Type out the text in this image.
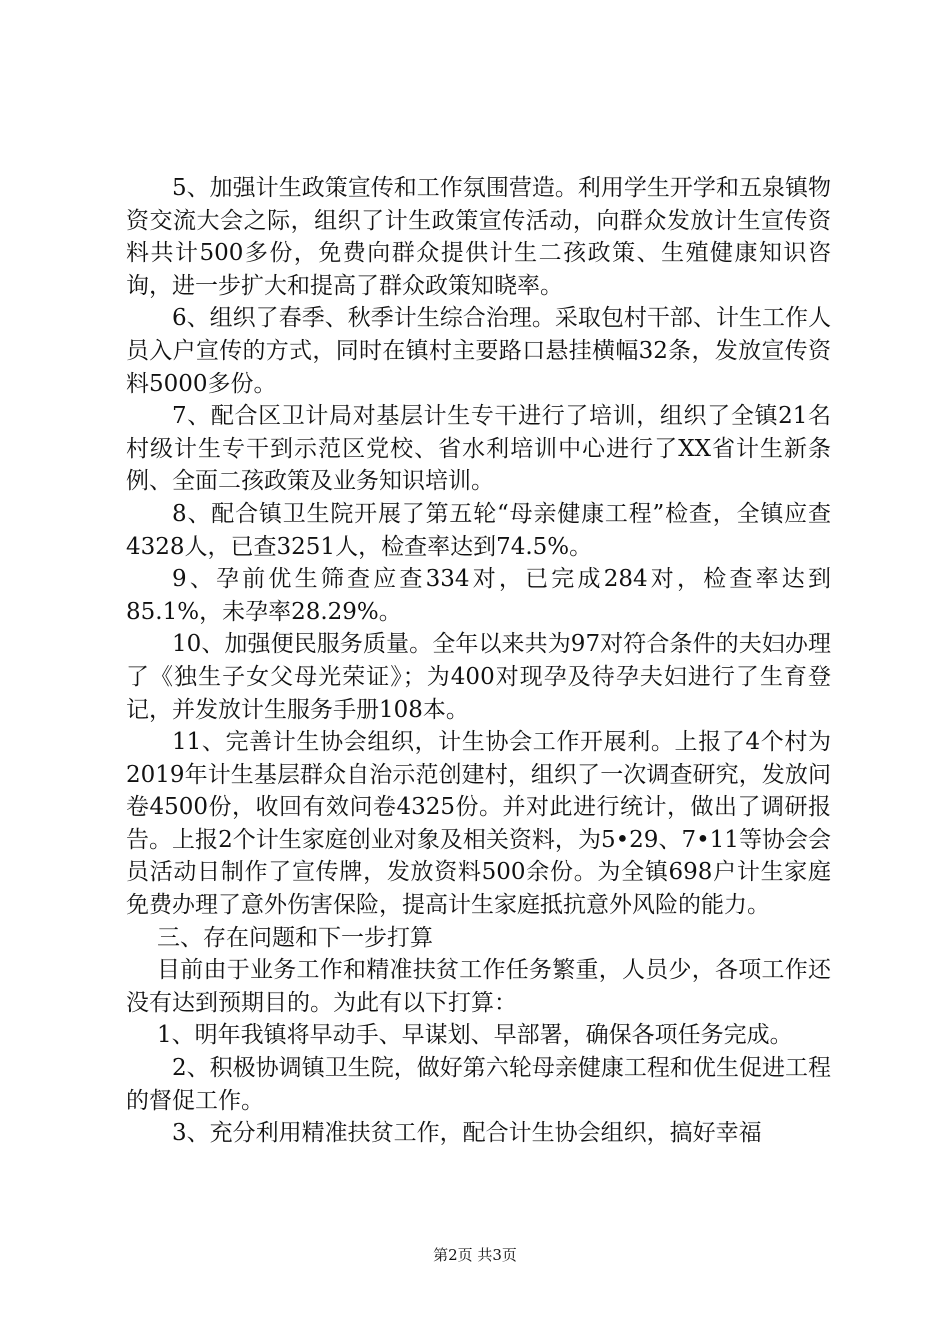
5、加强计生政策宣传和工作氛围营造。利用学生开学和五泉镇物资交流大会之际，组织了计生政策宣传活动，向群众发放计生宣传资料共计500多份，免费向群众提供计生二孩政策、生殖健康知识咨询，进一步扩大和提高了群众政策知晓率。

6、组织了春季、秋季计生综合治理。采取包村干部、计生工作人员入户宣传的方式，同时在镇村主要路口悬挂横幅32条，发放宣传资料5000多份。

7、配合区卫计局对基层计生专干进行了培训，组织了全镇21名村级计生专干到示范区党校、省水利培训中心进行了XX省计生新条例、全面二孩政策及业务知识培训。

8、配合镇卫生院开展了第五轮“母亲健康工程”检查，全镇应查4328人，已查3251人，检查率达到74.5%。

9、孕前优生筛查应查334对，已完成284对，检查率达到85.1%，未孕率28.29%。

10、加强便民服务质量。全年以来共为97对符合条件的夫妇办理了《独生子女父母光荣证》；为400对现孕及待孕夫妇进行了生育登记，并发放计生服务手册108本。

11、完善计生协会组织，计生协会工作开展利。上报了4个村为2019年计生基层群众自治示范创建村，组织了一次调查研究，发放问卷4500份，收回有效问卷4325份。并对此进行统计，做出了调研报告。上报2个计生家庭创业对象及相关资料，为5•29、7•11等协会会员活动日制作了宣传牌，发放资料500余份。为全镇698户计生家庭免费办理了意外伤害保险，提高计生家庭抵抗意外风险的能力。

三、存在问题和下一步打算

目前由于业务工作和精准扶贫工作任务繁重，人员少，各项工作还没有达到预期目的。为此有以下打算：

1、明年我镇将早动手、早谋划、早部署，确保各项任务完成。

2、积极协调镇卫生院，做好第六轮母亲健康工程和优生促进工程的督促工作。

3、充分利用精准扶贫工作，配合计生协会组织，搞好幸福

第2页 共3页
